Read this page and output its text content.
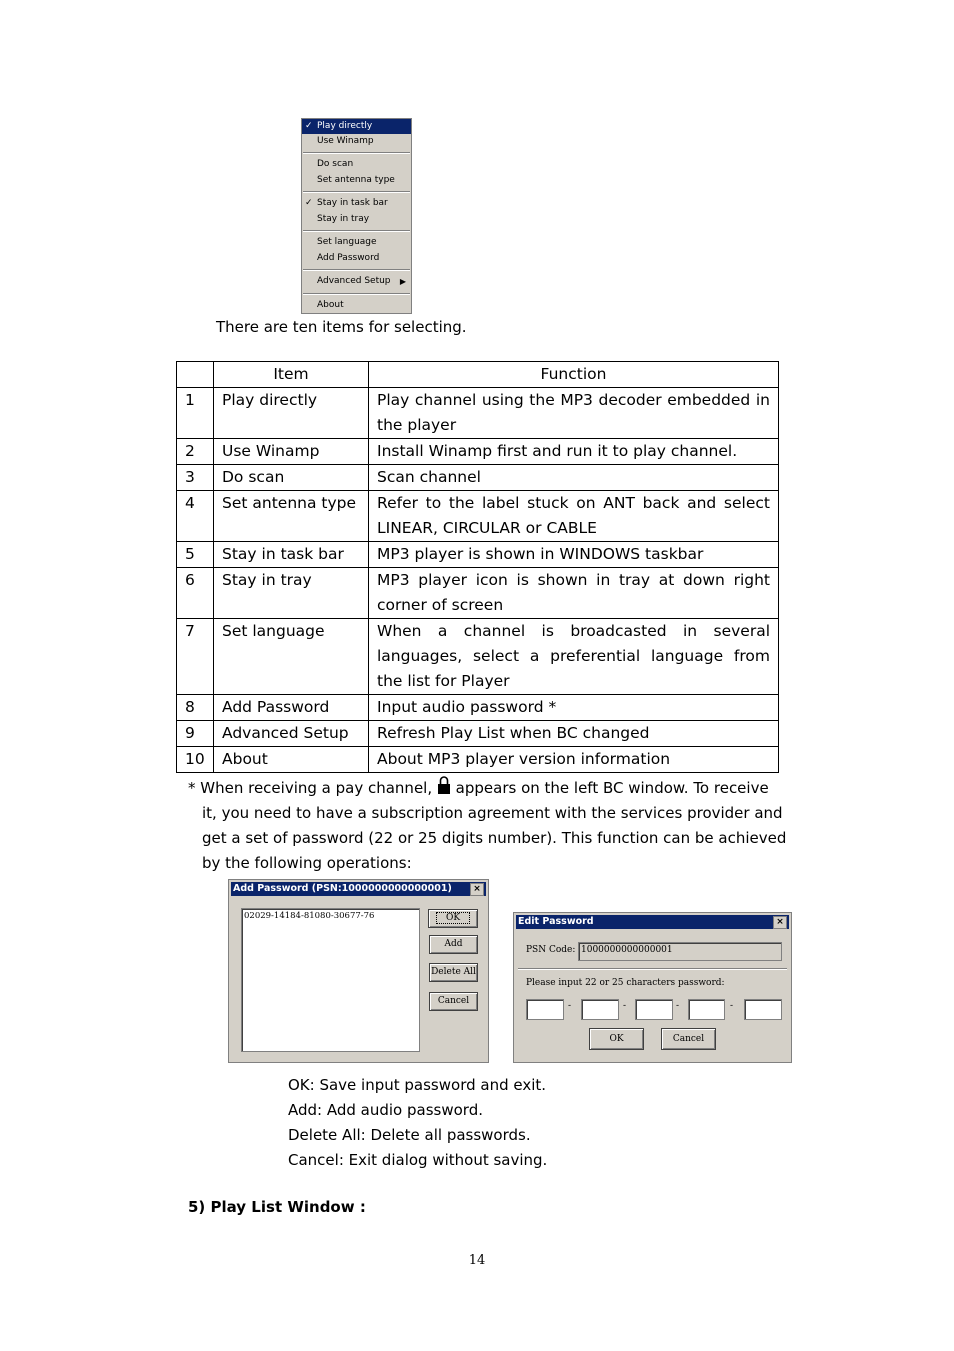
✓ Play directly
Use Winamp
Do scan
Set antenna type
✓ Stay in task bar
Stay in tray
Set language
Add Password
Advanced Setup ▶
About
There are ten items for selecting.
	Item	Function
1	Play directly	Play channel using the MP3 decoder embedded in the player
2	Use Winamp	Install Winamp first and run it to play channel.
3	Do scan	Scan channel
4	Set antenna type	Refer to the label stuck on ANT back and select LINEAR, CIRCULAR or CABLE
5	Stay in task bar	MP3 player is shown in WINDOWS taskbar
6	Stay in tray	MP3 player icon is shown in tray at down right corner of screen
7	Set language	When a channel is broadcasted in several languages, select a preferential language from the list for Player
8	Add Password	Input audio password *
9	Advanced Setup	Refresh Play List when BC changed
10	About	About MP3 player version information
* When receiving a pay channel, appears on the left BC window. To receive
it, you need to have a subscription agreement with the services provider and
get a set of password (22 or 25 digits number). This function can be achieved
by the following operations:
Add Password (PSN:1000000000000001)	×
02029-14184-81080-30677-76	OK
Add
Delete All
Cancel
Edit Password	×
PSN Code: 1000000000000001
Please input 22 or 25 characters password:
-	-	-	-
OK	Cancel
OK: Save input password and exit.
Add: Add audio password.
Delete All: Delete all passwords.
Cancel: Exit dialog without saving.
5) Play List Window :
14
